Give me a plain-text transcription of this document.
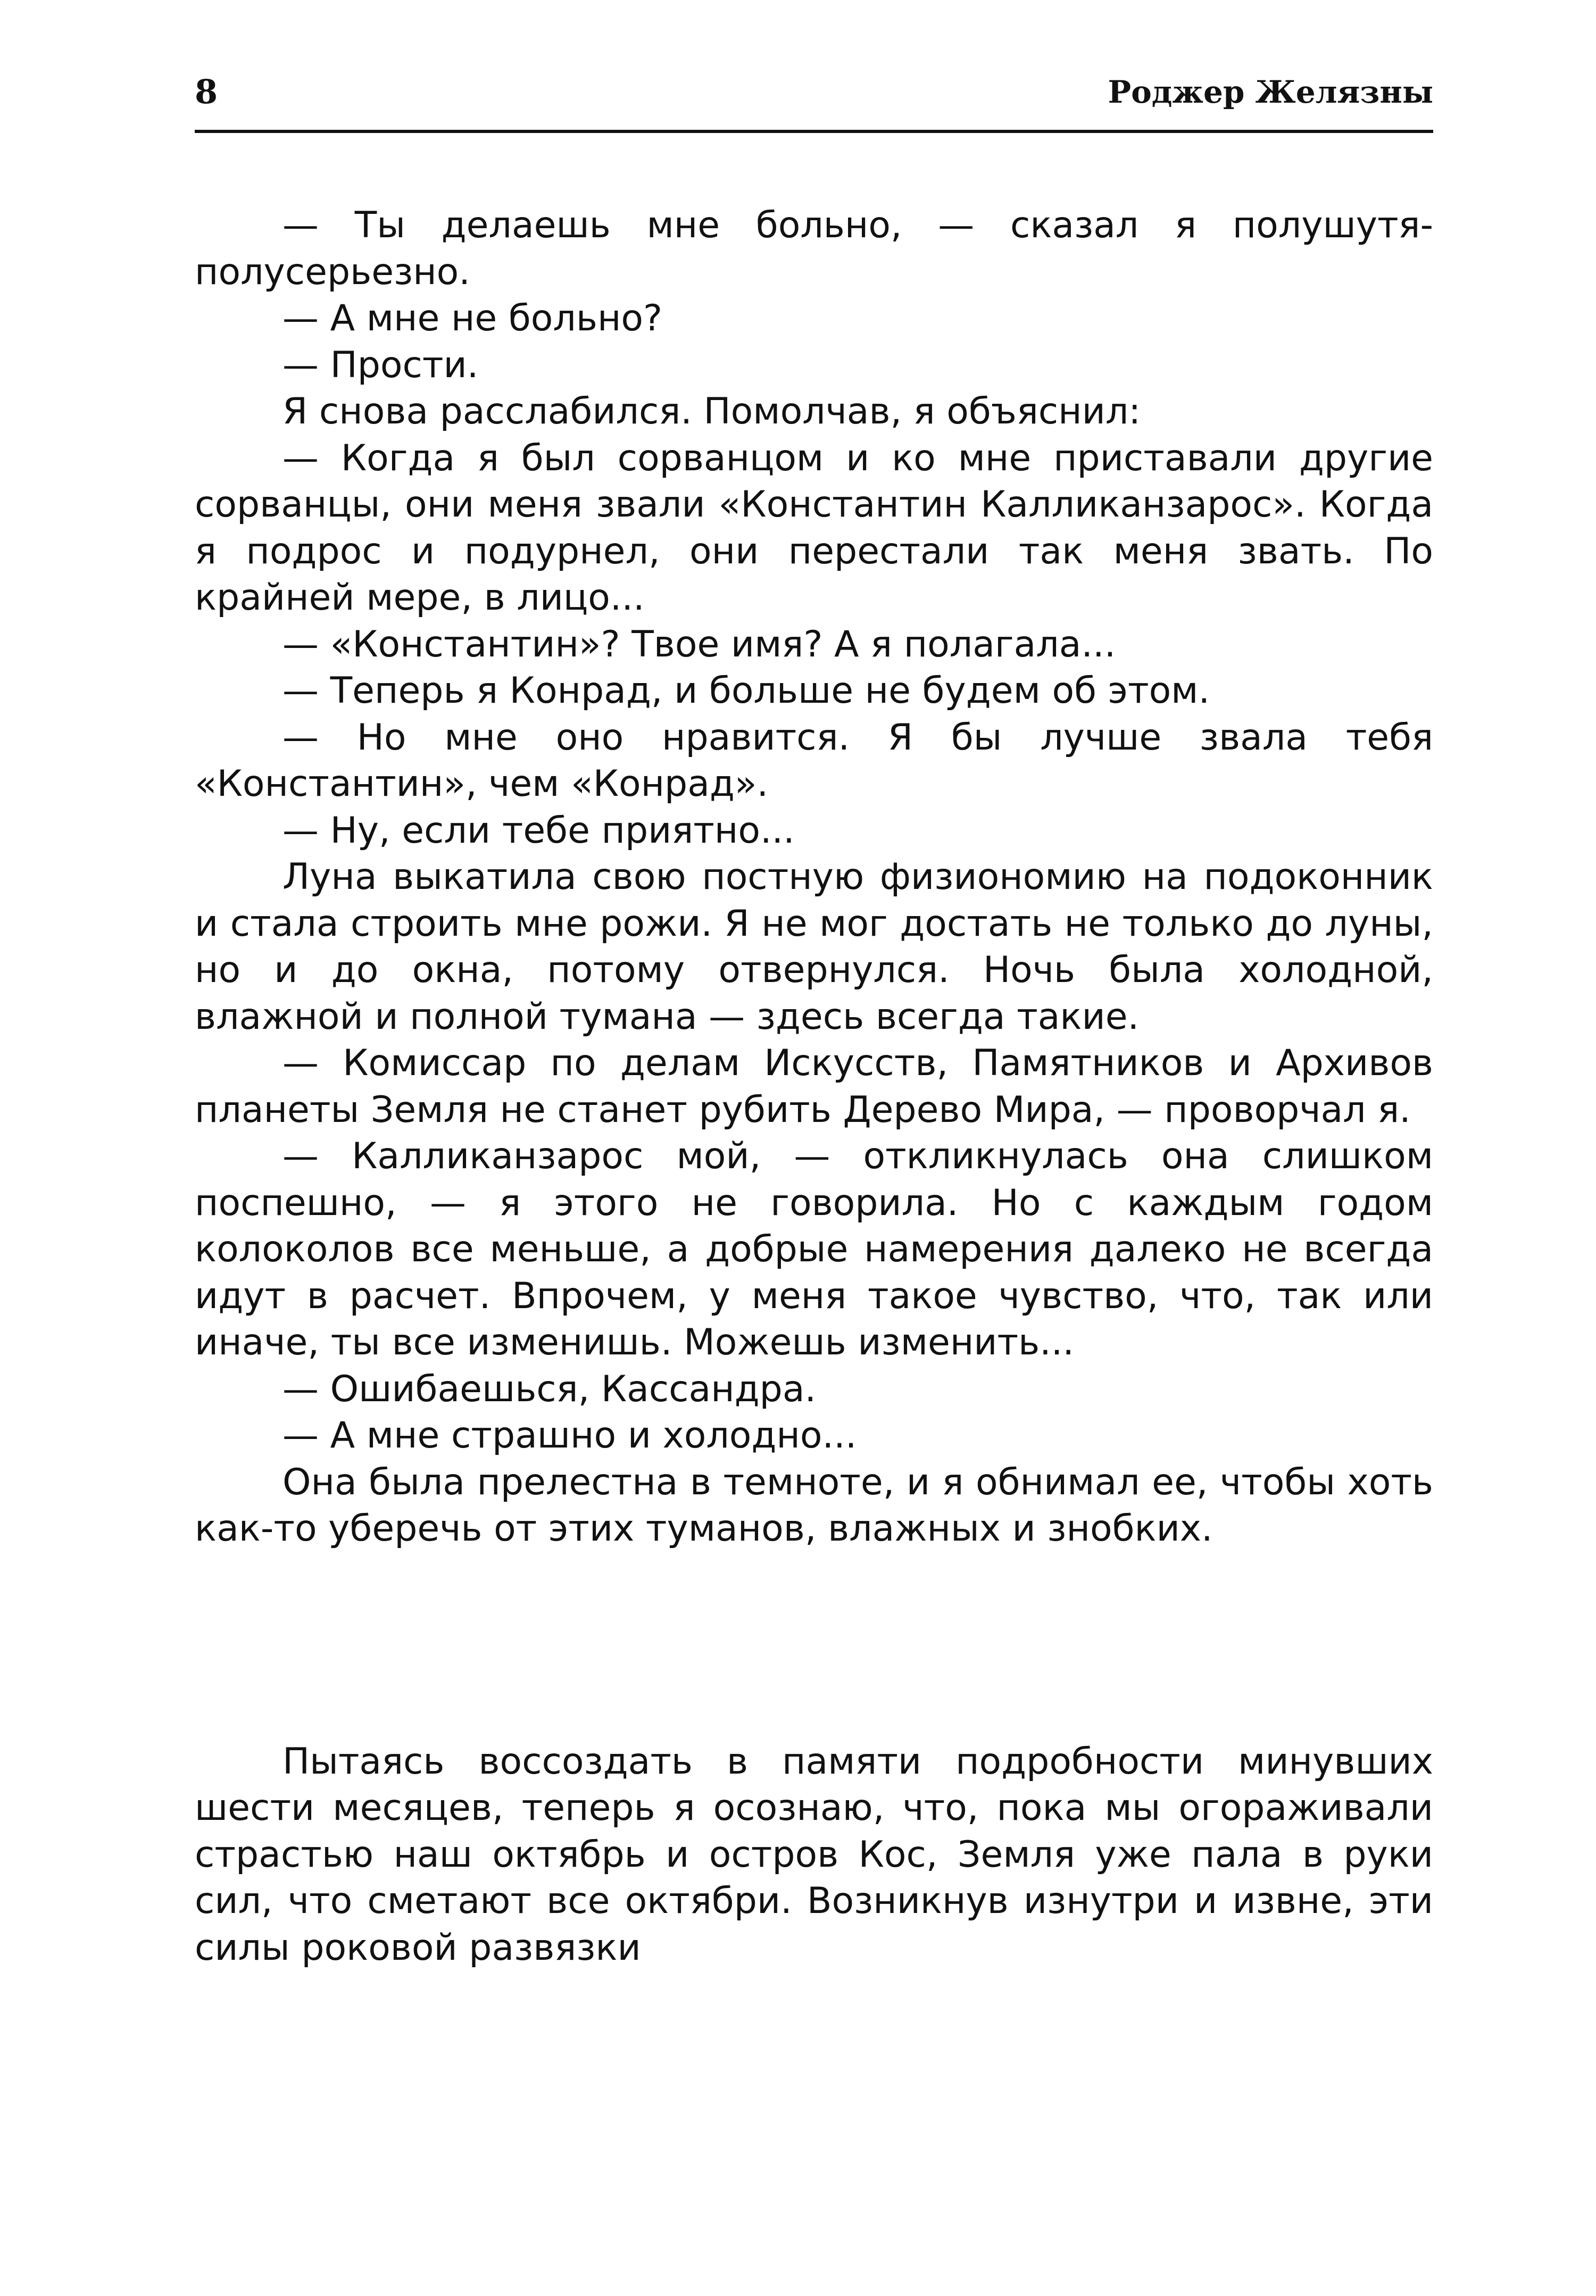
8	Роджер Желязны

— Ты делаешь мне больно, — сказал я полушутя-полусерьезно.

— А мне не больно?

— Прости.

Я снова расслабился. Помолчав, я объяснил:

— Когда я был сорванцом и ко мне приставали другие сорванцы, они меня звали «Константин Калликанзарос». Когда я подрос и подурнел, они перестали так меня звать. По крайней мере, в лицо...

— «Константин»? Твое имя? А я полагала...

— Теперь я Конрад, и больше не будем об этом.

— Но мне оно нравится. Я бы лучше звала тебя «Константин», чем «Конрад».

— Ну, если тебе приятно...

Луна выкатила свою постную физиономию на подоконник и стала строить мне рожи. Я не мог достать не только до луны, но и до окна, потому отвернулся. Ночь была холодной, влажной и полной тумана — здесь всегда такие.

— Комиссар по делам Искусств, Памятников и Архивов планеты Земля не станет рубить Дерево Мира, — проворчал я.

— Калликанзарос мой, — откликнулась она слишком поспешно, — я этого не говорила. Но с каждым годом колоколов все меньше, а добрые намерения далеко не всегда идут в расчет. Впрочем, у меня такое чувство, что, так или иначе, ты все изменишь. Можешь изменить...

— Ошибаешься, Кассандра.

— А мне страшно и холодно...

Она была прелестна в темноте, и я обнимал ее, чтобы хоть как-то уберечь от этих туманов, влажных и знобких.

Пытаясь воссоздать в памяти подробности минувших шести месяцев, теперь я осознаю, что, пока мы огораживали страстью наш октябрь и остров Кос, Земля уже пала в руки сил, что сметают все октябри. Возникнув изнутри и извне, эти силы роковой развязки
